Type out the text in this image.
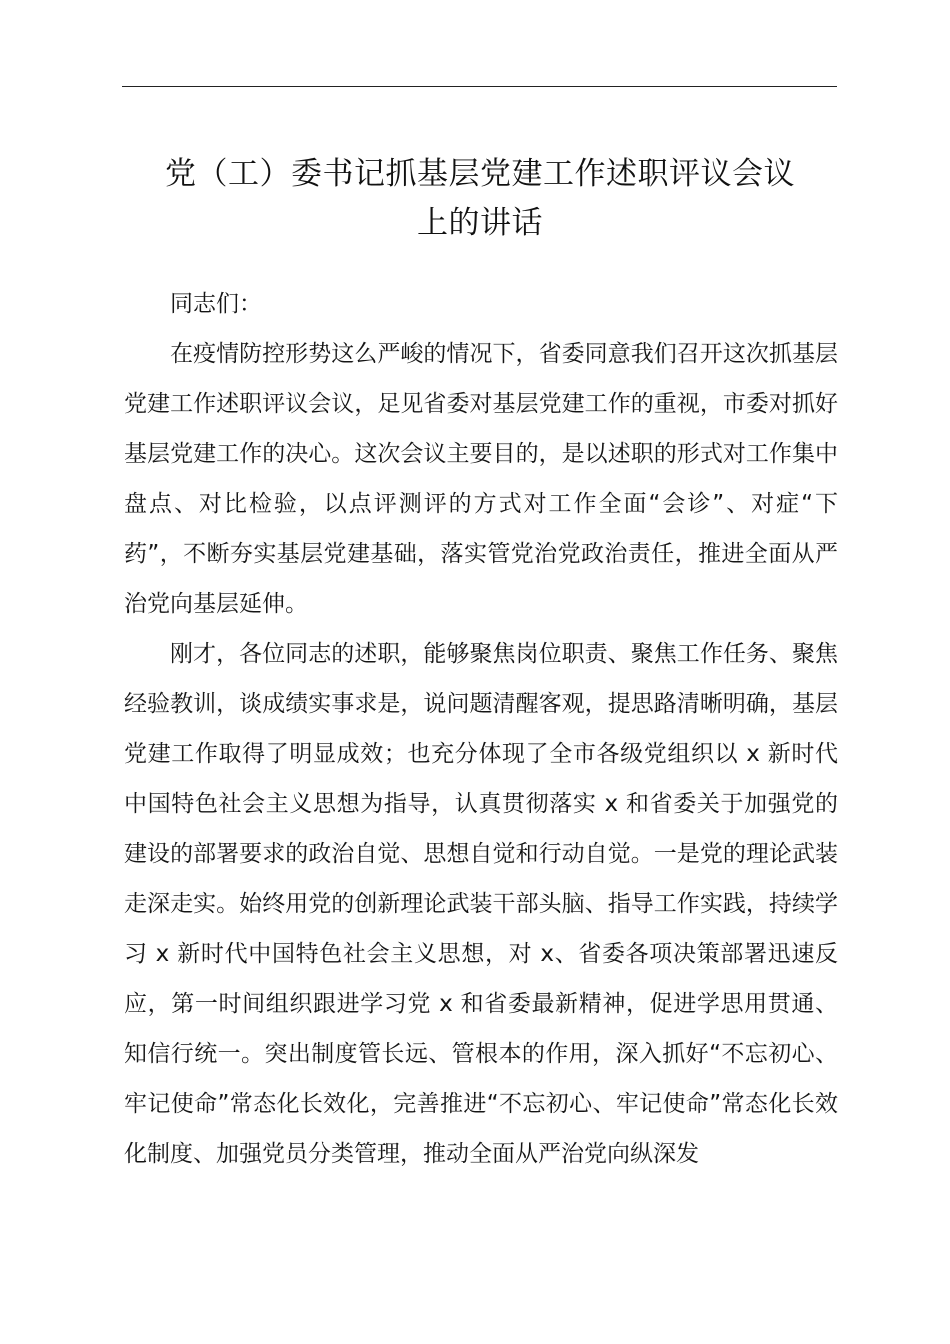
党（工）委书记抓基层党建工作述职评议会议
上的讲话

同志们：

在疫情防控形势这么严峻的情况下，省委同意我们召开这次抓基层党建工作述职评议会议，足见省委对基层党建工作的重视，市委对抓好基层党建工作的决心。这次会议主要目的，是以述职的形式对工作集中盘点、对比检验，以点评测评的方式对工作全面“会诊”、对症“下药”，不断夯实基层党建基础，落实管党治党政治责任，推进全面从严治党向基层延伸。

刚才，各位同志的述职，能够聚焦岗位职责、聚焦工作任务、聚焦经验教训，谈成绩实事求是，说问题清醒客观，提思路清晰明确，基层党建工作取得了明显成效；也充分体现了全市各级党组织以 x 新时代中国特色社会主义思想为指导，认真贯彻落实 x 和省委关于加强党的建设的部署要求的政治自觉、思想自觉和行动自觉。一是党的理论武装走深走实。始终用党的创新理论武装干部头脑、指导工作实践，持续学习 x 新时代中国特色社会主义思想，对 x、省委各项决策部署迅速反应，第一时间组织跟进学习党 x 和省委最新精神，促进学思用贯通、知信行统一。突出制度管长远、管根本的作用，深入抓好“不忘初心、牢记使命”常态化长效化，完善推进“不忘初心、牢记使命”常态化长效化制度、加强党员分类管理，推动全面从严治党向纵深发
